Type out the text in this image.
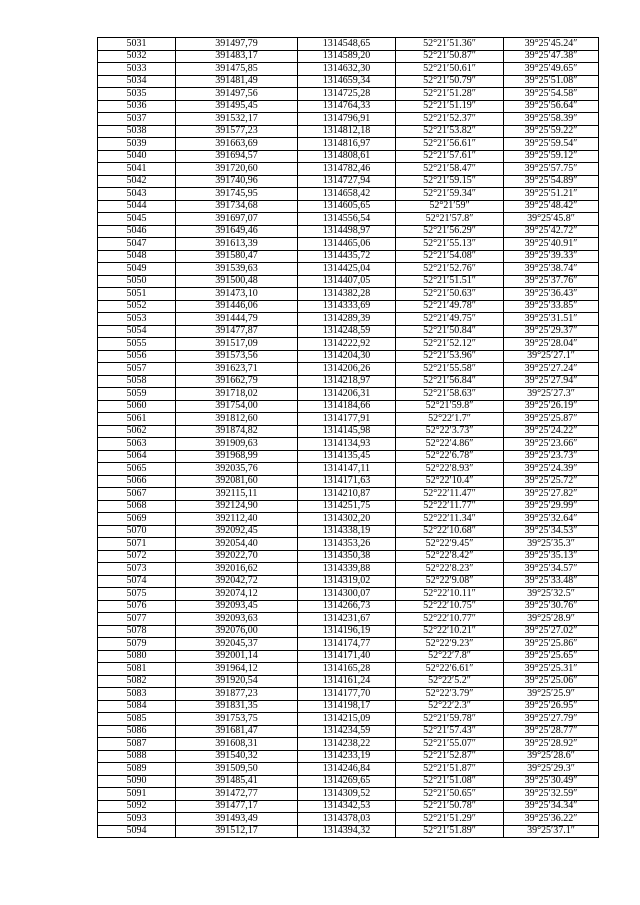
5031	391497,79	1314548,65	52°21′51.36″	39°25′45.24″
5032	391483,17	1314589,20	52°21′50.87″	39°25′47.38″
5033	391475,85	1314632,30	52°21′50.61″	39°25′49.65″
5034	391481,49	1314659,34	52°21′50.79″	39°25′51.08″
5035	391497,56	1314725,28	52°21′51.28″	39°25′54.58″
5036	391495,45	1314764,33	52°21′51.19″	39°25′56.64″
5037	391532,17	1314796,91	52°21′52.37″	39°25′58.39″
5038	391577,23	1314812,18	52°21′53.82″	39°25′59.22″
5039	391663,69	1314816,97	52°21′56.61″	39°25′59.54″
5040	391694,57	1314808,61	52°21′57.61″	39°25′59.12″
5041	391720,60	1314782,46	52°21′58.47″	39°25′57.75″
5042	391740,96	1314727,94	52°21′59.15″	39°25′54.89″
5043	391745,95	1314658,42	52°21′59.34″	39°25′51.21″
5044	391734,68	1314605,65	52°21′59″	39°25′48.42″
5045	391697,07	1314556,54	52°21′57.8″	39°25′45.8″
5046	391649,46	1314498,97	52°21′56.29″	39°25′42.72″
5047	391613,39	1314465,06	52°21′55.13″	39°25′40.91″
5048	391580,47	1314435,72	52°21′54.08″	39°25′39.33″
5049	391539,63	1314425,04	52°21′52.76″	39°25′38.74″
5050	391500,48	1314407,05	52°21′51.51″	39°25′37.76″
5051	391473,10	1314382,28	52°21′50.63″	39°25′36.43″
5052	391446,06	1314333,69	52°21′49.78″	39°25′33.85″
5053	391444,79	1314289,39	52°21′49.75″	39°25′31.51″
5054	391477,87	1314248,59	52°21′50.84″	39°25′29.37″
5055	391517,09	1314222,92	52°21′52.12″	39°25′28.04″
5056	391573,56	1314204,30	52°21′53.96″	39°25′27.1″
5057	391623,71	1314206,26	52°21′55.58″	39°25′27.24″
5058	391662,79	1314218,97	52°21′56.84″	39°25′27.94″
5059	391718,02	1314206,31	52°21′58.63″	39°25′27.3″
5060	391754,00	1314184,66	52°21′59.8″	39°25′26.19″
5061	391812,60	1314177,91	52°22′1.7″	39°25′25.87″
5062	391874,82	1314145,98	52°22′3.73″	39°25′24.22″
5063	391909,63	1314134,93	52°22′4.86″	39°25′23.66″
5064	391968,99	1314135,45	52°22′6.78″	39°25′23.73″
5065	392035,76	1314147,11	52°22′8.93″	39°25′24.39″
5066	392081,60	1314171,63	52°22′10.4″	39°25′25.72″
5067	392115,11	1314210,87	52°22′11.47″	39°25′27.82″
5068	392124,90	1314251,75	52°22′11.77″	39°25′29.99″
5069	392112,40	1314302,20	52°22′11.34″	39°25′32.64″
5070	392092,45	1314338,19	52°22′10.68″	39°25′34.53″
5071	392054,40	1314353,26	52°22′9.45″	39°25′35.3″
5072	392022,70	1314350,38	52°22′8.42″	39°25′35.13″
5073	392016,62	1314339,88	52°22′8.23″	39°25′34.57″
5074	392042,72	1314319,02	52°22′9.08″	39°25′33.48″
5075	392074,12	1314300,07	52°22′10.11″	39°25′32.5″
5076	392093,45	1314266,73	52°22′10.75″	39°25′30.76″
5077	392093,63	1314231,67	52°22′10.77″	39°25′28.9″
5078	392076,00	1314196,19	52°22′10.21″	39°25′27.02″
5079	392045,37	1314174,77	52°22′9.23″	39°25′25.86″
5080	392001,14	1314171,40	52°22′7.8″	39°25′25.65″
5081	391964,12	1314165,28	52°22′6.61″	39°25′25.31″
5082	391920,54	1314161,24	52°22′5.2″	39°25′25.06″
5083	391877,23	1314177,70	52°22′3.79″	39°25′25.9″
5084	391831,35	1314198,17	52°22′2.3″	39°25′26.95″
5085	391753,75	1314215,09	52°21′59.78″	39°25′27.79″
5086	391681,47	1314234,59	52°21′57.43″	39°25′28.77″
5087	391608,31	1314238,22	52°21′55.07″	39°25′28.92″
5088	391540,32	1314233,19	52°21′52.87″	39°25′28.6″
5089	391509,50	1314246,84	52°21′51.87″	39°25′29.3″
5090	391485,41	1314269,65	52°21′51.08″	39°25′30.49″
5091	391472,77	1314309,52	52°21′50.65″	39°25′32.59″
5092	391477,17	1314342,53	52°21′50.78″	39°25′34.34″
5093	391493,49	1314378,03	52°21′51.29″	39°25′36.22″
5094	391512,17	1314394,32	52°21′51.89″	39°25′37.1″
